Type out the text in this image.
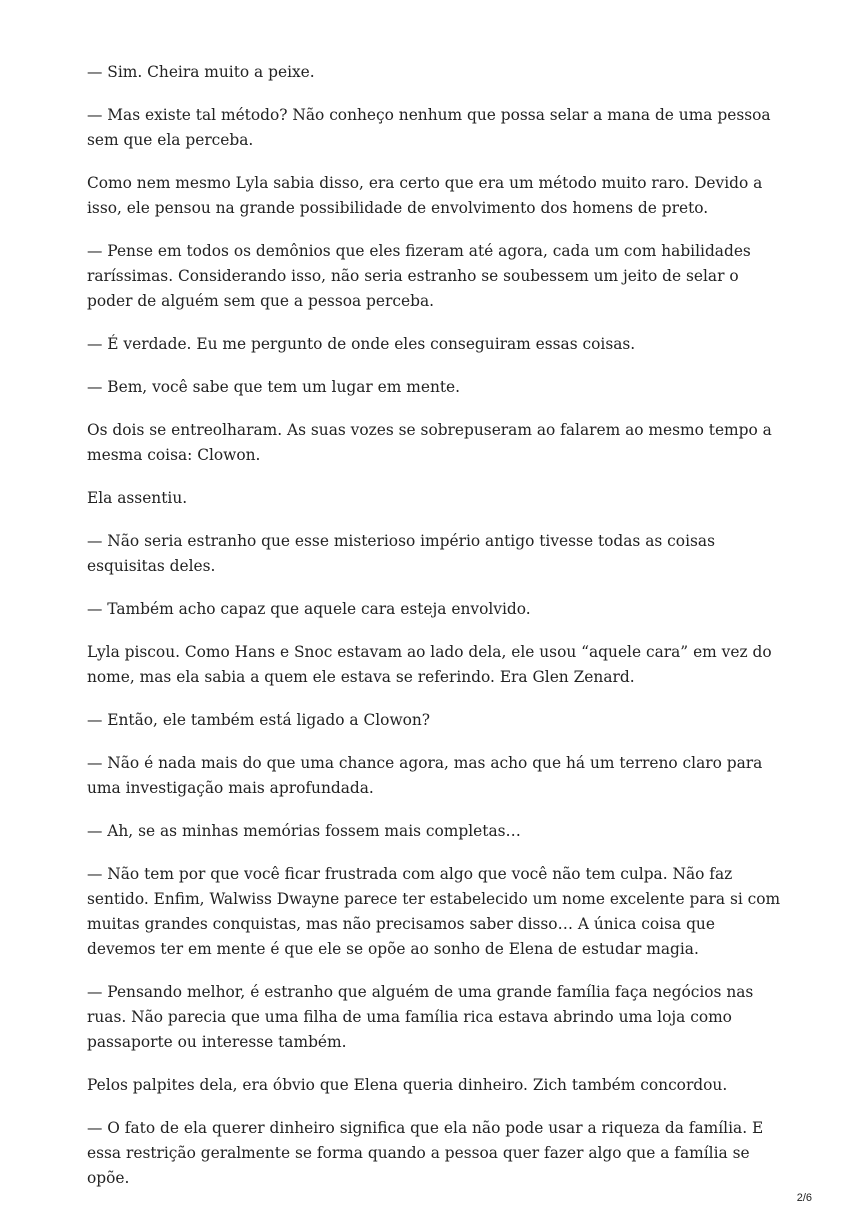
— Sim. Cheira muito a peixe.

— Mas existe tal método? Não conheço nenhum que possa selar a mana de uma pessoa sem que ela perceba.

Como nem mesmo Lyla sabia disso, era certo que era um método muito raro. Devido a isso, ele pensou na grande possibilidade de envolvimento dos homens de preto.

— Pense em todos os demônios que eles fizeram até agora, cada um com habilidades raríssimas. Considerando isso, não seria estranho se soubessem um jeito de selar o poder de alguém sem que a pessoa perceba.

— É verdade. Eu me pergunto de onde eles conseguiram essas coisas.

— Bem, você sabe que tem um lugar em mente.

Os dois se entreolharam. As suas vozes se sobrepuseram ao falarem ao mesmo tempo a mesma coisa: Clowon.

Ela assentiu.

— Não seria estranho que esse misterioso império antigo tivesse todas as coisas esquisitas deles.

— Também acho capaz que aquele cara esteja envolvido.

Lyla piscou. Como Hans e Snoc estavam ao lado dela, ele usou “aquele cara” em vez do nome, mas ela sabia a quem ele estava se referindo. Era Glen Zenard.

— Então, ele também está ligado a Clowon?

— Não é nada mais do que uma chance agora, mas acho que há um terreno claro para uma investigação mais aprofundada.

— Ah, se as minhas memórias fossem mais completas…

— Não tem por que você ficar frustrada com algo que você não tem culpa. Não faz sentido. Enfim, Walwiss Dwayne parece ter estabelecido um nome excelente para si com muitas grandes conquistas, mas não precisamos saber disso… A única coisa que devemos ter em mente é que ele se opõe ao sonho de Elena de estudar magia.

— Pensando melhor, é estranho que alguém de uma grande família faça negócios nas ruas. Não parecia que uma filha de uma família rica estava abrindo uma loja como passaporte ou interesse também.

Pelos palpites dela, era óbvio que Elena queria dinheiro. Zich também concordou.

— O fato de ela querer dinheiro significa que ela não pode usar a riqueza da família. E essa restrição geralmente se forma quando a pessoa quer fazer algo que a família se opõe.

2/6
